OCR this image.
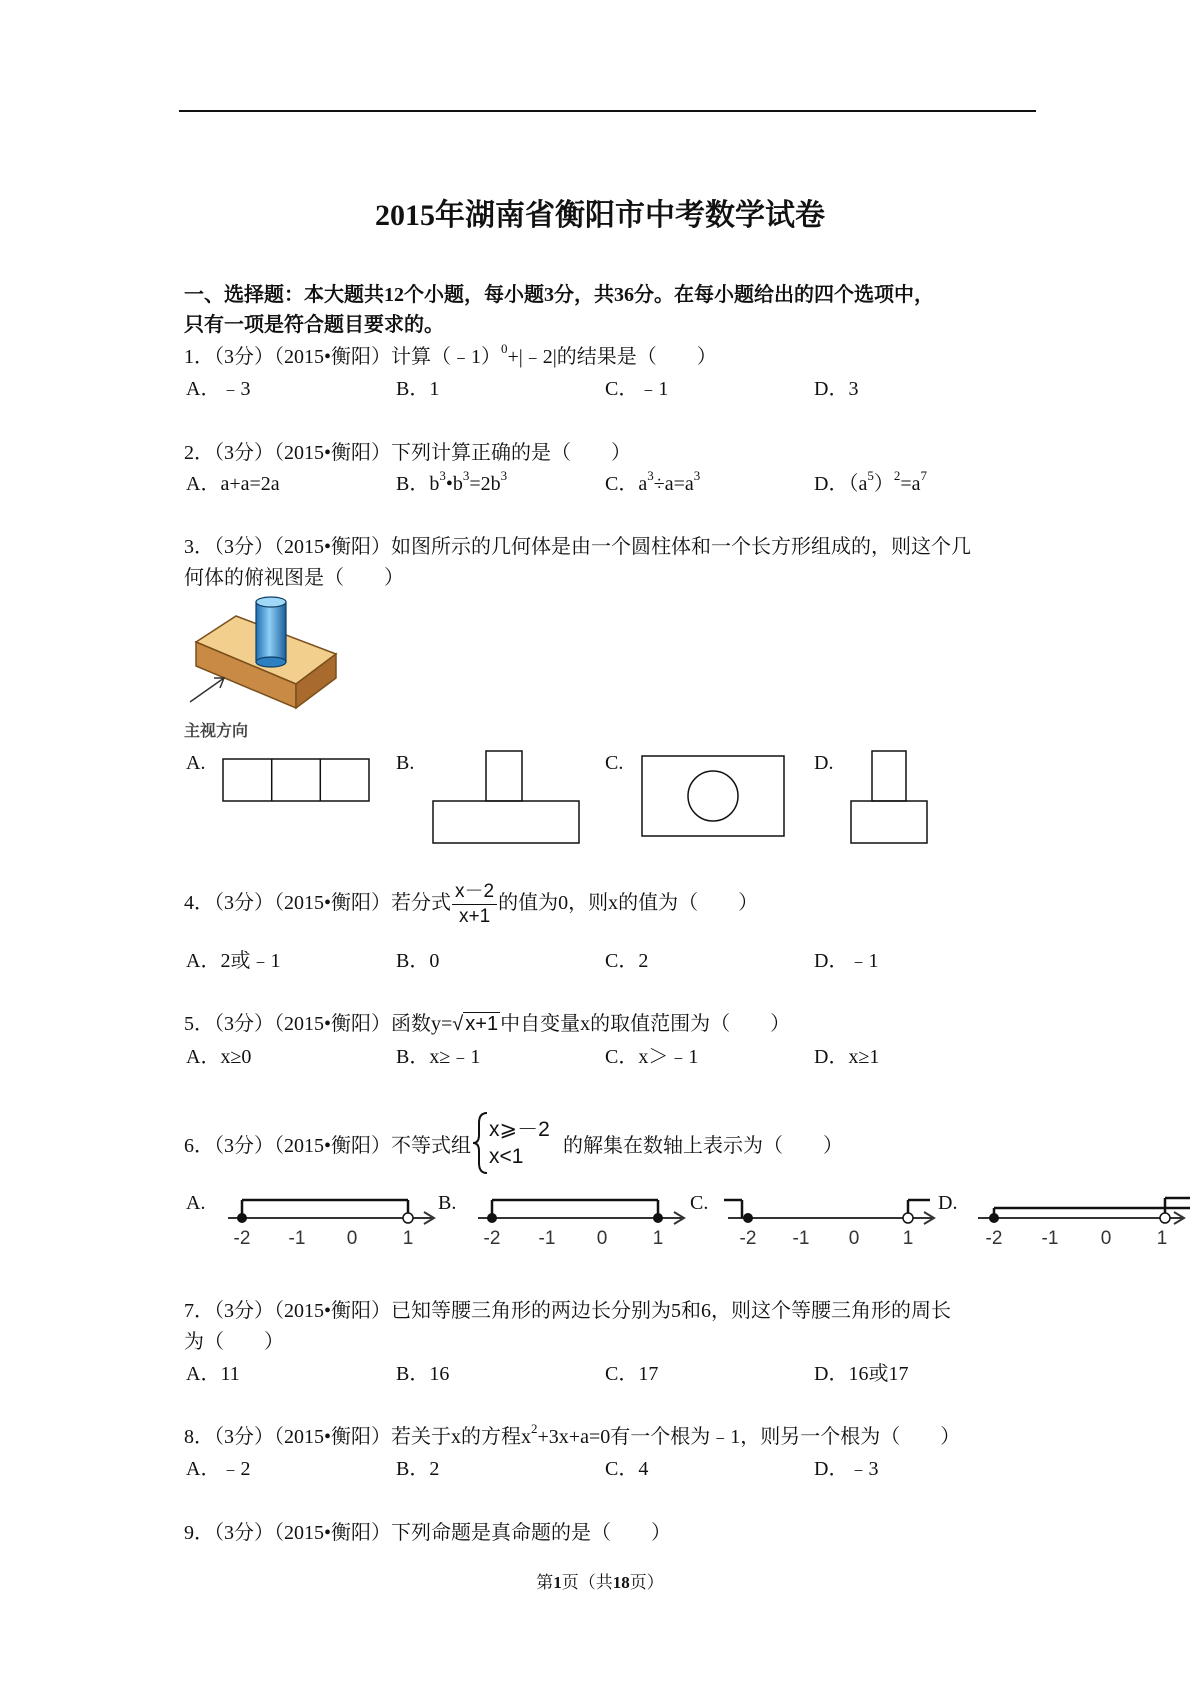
2015年湖南省衡阳市中考数学试卷
一、选择题：本大题共12个小题，每小题3分，共36分。在每小题给出的四个选项中，
只有一项是符合题目要求的。
1．（3分）（2015•衡阳）计算（﹣1）$^0$+|﹣2|的结果是（　　）
A．﹣3	B．1	C．﹣1	D．3
2．（3分）（2015•衡阳）下列计算正确的是（　　）
A．a+a=2a	B．$b^3•b^3=2b^3$	C．$a^3\div a=a^3$	D．$(a^5)^2=a^7$
3．（3分）（2015•衡阳）如图所示的几何体是由一个圆柱体和一个长方形组成的，则这个几
何体的俯视图是（　　）
主视方向
A.	B.	C.	D.
4．（3分）（2015•衡阳）若分式 $\frac{x-2}{x+1}$ 的值为0，则x的值为（　　）
A．2或﹣1	B．0	C．2	D．﹣1
5．（3分）（2015•衡阳）函数y=√ x+1 中自变量x的取值范围为（　　）
A．x≥0	B．x≥﹣1	C．x＞﹣1	D．x≥1
6．（3分）（2015•衡阳）不等式组
x⩾－2
x<1 的解集在数轴上表示为（　　）
A.
-2 -1 0 1
B.
-2 -1 0 1
C.
-2 -1 0 1
D.
-2 -1 0 1
7．（3分）（2015•衡阳）已知等腰三角形的两边长分别为5和6，则这个等腰三角形的周长
为（　　）
A．11	B．16	C．17	D．16或17
8．（3分）（2015•衡阳）若关于x的方程$x^2+3x+a=0$有一个根为﹣1，则另一个根为（　　）
A．﹣2	B．2	C．4	D．﹣3
9．（3分）（2015•衡阳）下列命题是真命题的是（　　）
第1页（共18页）
